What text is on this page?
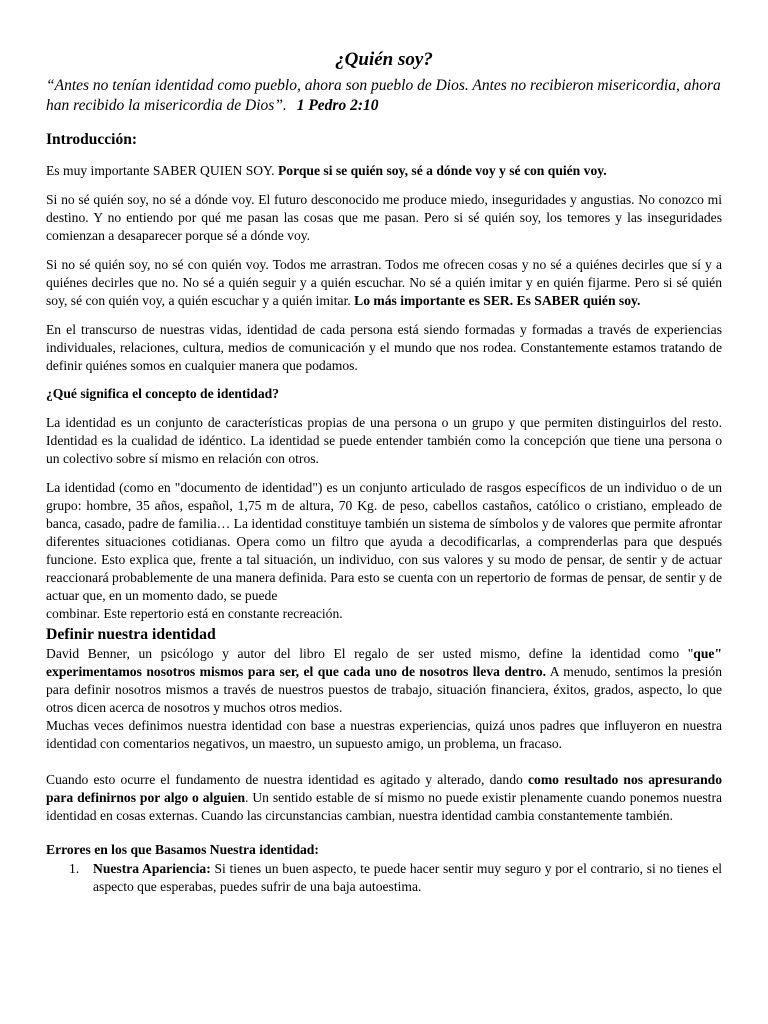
¿Quién soy?

“Antes no tenían identidad como pueblo, ahora son pueblo de Dios. Antes no recibieron misericordia, ahora han recibido la misericordia de Dios”. 1 Pedro 2:10

Introducción:

Es muy importante SABER QUIEN SOY. Porque si se quién soy, sé a dónde voy y sé con quién voy.

Si no sé quién soy, no sé a dónde voy. El futuro desconocido me produce miedo, inseguridades y angustias. No conozco mi destino. Y no entiendo por qué me pasan las cosas que me pasan. Pero si sé quién soy, los temores y las inseguridades comienzan a desaparecer porque sé a dónde voy.

Si no sé quién soy, no sé con quién voy. Todos me arrastran. Todos me ofrecen cosas y no sé a quiénes decirles que sí y a quiénes decirles que no. No sé a quién seguir y a quién escuchar. No sé a quién imitar y en quién fijarme. Pero si sé quién soy, sé con quién voy, a quién escuchar y a quién imitar. Lo más importante es SER. Es SABER quién soy.

En el transcurso de nuestras vidas, identidad de cada persona está siendo formadas y formadas a través de experiencias individuales, relaciones, cultura, medios de comunicación y el mundo que nos rodea. Constantemente estamos tratando de definir quiénes somos en cualquier manera que podamos.

¿Qué significa el concepto de identidad?

La identidad es un conjunto de características propias de una persona o un grupo y que permiten distinguirlos del resto. Identidad es la cualidad de idéntico. La identidad se puede entender también como la concepción que tiene una persona o un colectivo sobre sí mismo en relación con otros.

La identidad (como en "documento de identidad") es un conjunto articulado de rasgos específicos de un individuo o de un grupo: hombre, 35 años, español, 1,75 m de altura, 70 Kg. de peso, cabellos castaños, católico o cristiano, empleado de banca, casado, padre de familia… La identidad constituye también un sistema de símbolos y de valores que permite afrontar diferentes situaciones cotidianas. Opera como un filtro que ayuda a decodificarlas, a comprenderlas para que después funcione. Esto explica que, frente a tal situación, un individuo, con sus valores y su modo de pensar, de sentir y de actuar reaccionará probablemente de una manera definida. Para esto se cuenta con un repertorio de formas de pensar, de sentir y de actuar que, en un momento dado, se puede

combinar. Este repertorio está en constante recreación.

Definir nuestra identidad

David Benner, un psicólogo y autor del libro El regalo de ser usted mismo, define la identidad como "que" experimentamos nosotros mismos para ser, el que cada uno de nosotros lleva dentro. A menudo, sentimos la presión para definir nosotros mismos a través de nuestros puestos de trabajo, situación financiera, éxitos, grados, aspecto, lo que otros dicen acerca de nosotros y muchos otros medios.

Muchas veces definimos nuestra identidad con base a nuestras experiencias, quizá unos padres que influyeron en nuestra identidad con comentarios negativos, un maestro, un supuesto amigo, un problema, un fracaso.

Cuando esto ocurre el fundamento de nuestra identidad es agitado y alterado, dando como resultado nos apresurando para definirnos por algo o alguien. Un sentido estable de sí mismo no puede existir plenamente cuando ponemos nuestra identidad en cosas externas. Cuando las circunstancias cambian, nuestra identidad cambia constantemente también.

Errores en los que Basamos Nuestra identidad:
1. Nuestra Apariencia: Si tienes un buen aspecto, te puede hacer sentir muy seguro y por el contrario, si no tienes el aspecto que esperabas, puedes sufrir de una baja autoestima.
